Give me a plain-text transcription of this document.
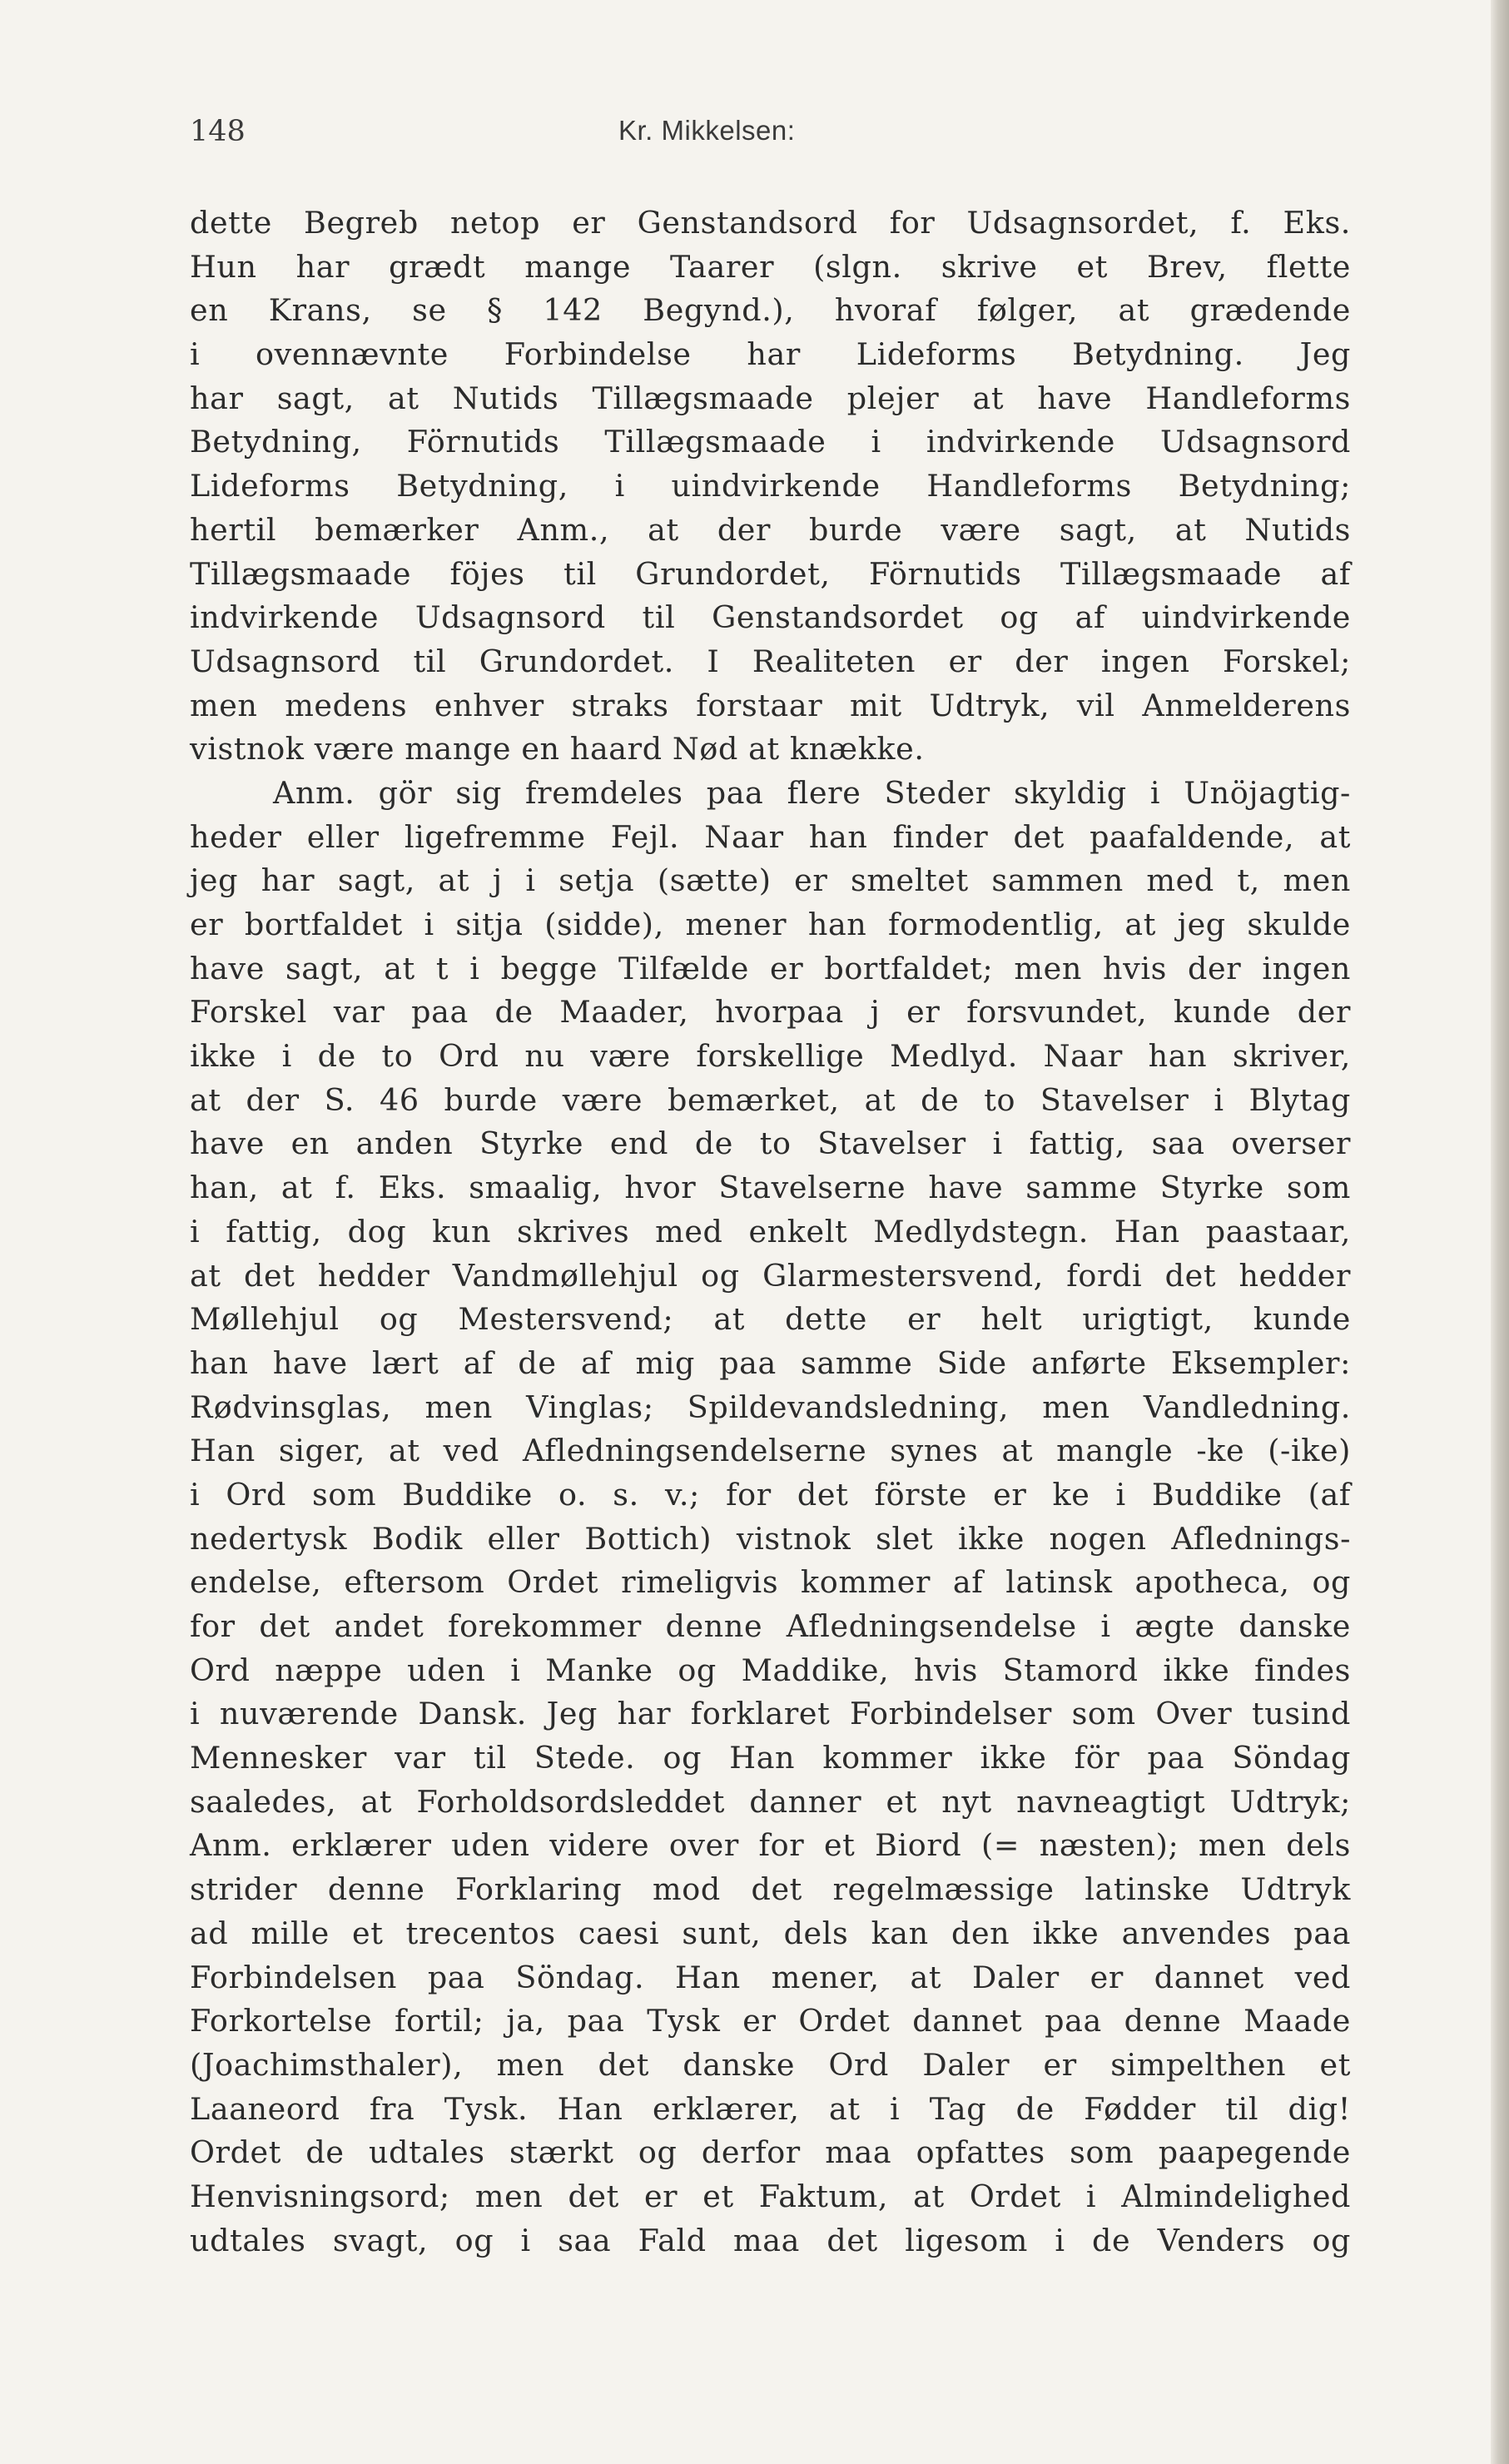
148	Kr. Mikkelsen:
dette Begreb netop er Genstandsord for Udsagnsordet, f. Eks.
Hun har grædt mange Taarer (slgn. skrive et Brev, flette
en Krans, se § 142 Begynd.), hvoraf følger, at grædende
i ovennævnte Forbindelse har Lideforms Betydning. Jeg
har sagt, at Nutids Tillægsmaade plejer at have Handleforms
Betydning, Förnutids Tillægsmaade i indvirkende Udsagnsord
Lideforms Betydning, i uindvirkende Handleforms Betydning;
hertil bemærker Anm., at der burde være sagt, at Nutids
Tillægsmaade föjes til Grundordet, Förnutids Tillægsmaade af
indvirkende Udsagnsord til Genstandsordet og af uindvirkende
Udsagnsord til Grundordet. I Realiteten er der ingen Forskel;
men medens enhver straks forstaar mit Udtryk, vil Anmelderens
vistnok være mange en haard Nød at knække.
Anm. gör sig fremdeles paa flere Steder skyldig i Unöjagtig-
heder eller ligefremme Fejl. Naar han finder det paafaldende, at
jeg har sagt, at j i setja (sætte) er smeltet sammen med t, men
er bortfaldet i sitja (sidde), mener han formodentlig, at jeg skulde
have sagt, at t i begge Tilfælde er bortfaldet; men hvis der ingen
Forskel var paa de Maader, hvorpaa j er forsvundet, kunde der
ikke i de to Ord nu være forskellige Medlyd. Naar han skriver,
at der S. 46 burde være bemærket, at de to Stavelser i Blytag
have en anden Styrke end de to Stavelser i fattig, saa overser
han, at f. Eks. smaalig, hvor Stavelserne have samme Styrke som
i fattig, dog kun skrives med enkelt Medlydstegn. Han paastaar,
at det hedder Vandmøllehjul og Glarmestersvend, fordi det hedder
Møllehjul og Mestersvend; at dette er helt urigtigt, kunde
han have lært af de af mig paa samme Side anførte Eksempler:
Rødvinsglas, men Vinglas; Spildevandsledning, men Vandledning.
Han siger, at ved Afledningsendelserne synes at mangle -ke (-ike)
i Ord som Buddike o. s. v.; for det förste er ke i Buddike (af
nedertysk Bodik eller Bottich) vistnok slet ikke nogen Aflednings-
endelse, eftersom Ordet rimeligvis kommer af latinsk apotheca, og
for det andet forekommer denne Afledningsendelse i ægte danske
Ord næppe uden i Manke og Maddike, hvis Stamord ikke findes
i nuværende Dansk. Jeg har forklaret Forbindelser som Over tusind
Mennesker var til Stede. og Han kommer ikke för paa Söndag
saaledes, at Forholdsordsleddet danner et nyt navneagtigt Udtryk;
Anm. erklærer uden videre over for et Biord (= næsten); men dels
strider denne Forklaring mod det regelmæssige latinske Udtryk
ad mille et trecentos caesi sunt, dels kan den ikke anvendes paa
Forbindelsen paa Söndag. Han mener, at Daler er dannet ved
Forkortelse fortil; ja, paa Tysk er Ordet dannet paa denne Maade
(Joachimsthaler), men det danske Ord Daler er simpelthen et
Laaneord fra Tysk. Han erklærer, at i Tag de Fødder til dig!
Ordet de udtales stærkt og derfor maa opfattes som paapegende
Henvisningsord; men det er et Faktum, at Ordet i Almindelighed
udtales svagt, og i saa Fald maa det ligesom i de Venders og
